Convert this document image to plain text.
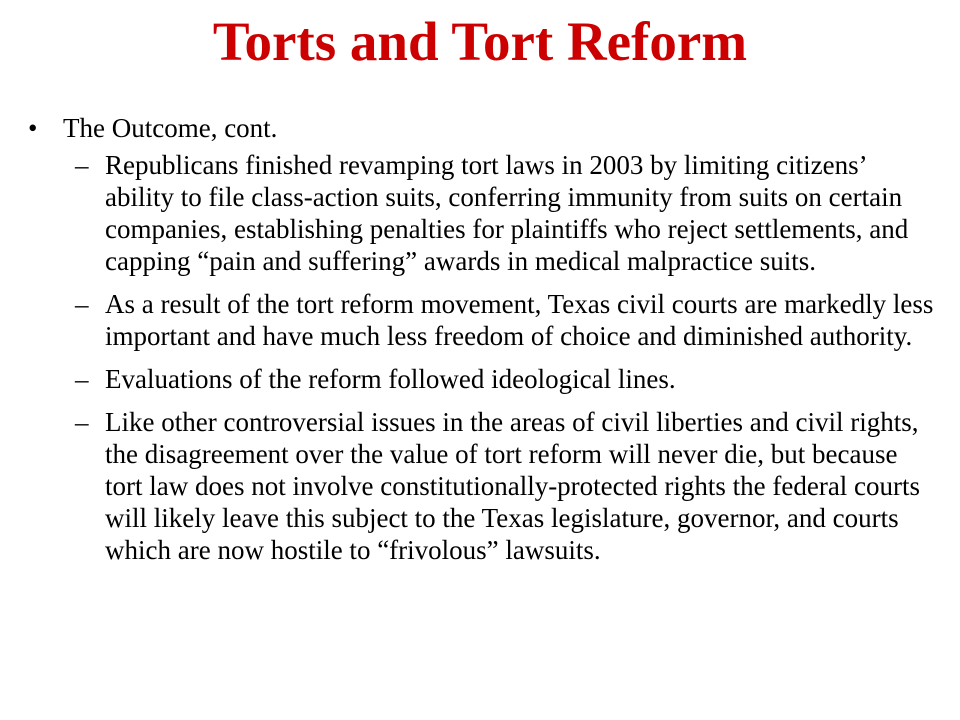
Torts and Tort Reform
• The Outcome, cont.
– Republicans finished revamping tort laws in 2003 by limiting citizens’ ability to file class-action suits, conferring immunity from suits on certain companies, establishing penalties for plaintiffs who reject settlements, and capping “pain and suffering” awards in medical malpractice suits.
– As a result of the tort reform movement, Texas civil courts are markedly less important and have much less freedom of choice and diminished authority.
– Evaluations of the reform followed ideological lines.
– Like other controversial issues in the areas of civil liberties and civil rights, the disagreement over the value of tort reform will never die, but because tort law does not involve constitutionally-protected rights the federal courts will likely leave this subject to the Texas legislature, governor, and courts which are now hostile to “frivolous” lawsuits.
